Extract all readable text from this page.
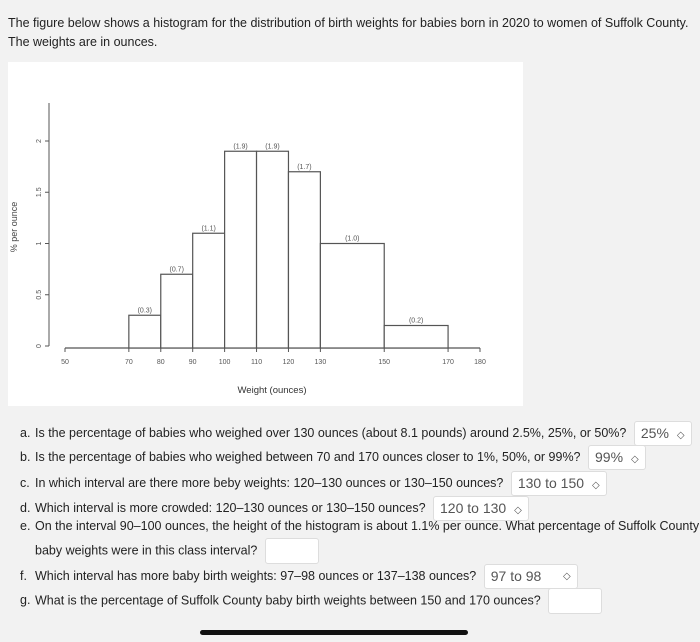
The figure below shows a histogram for the distribution of birth weights for babies born in 2020 to women of Suffolk County. The weights are in ounces.
% per ounce
Weight (ounces)
0
0.5
1
1.5
2
50	70	80	90	100	110	120	130	150	170	180
(0.3)
(0.7)
(1.1)
(1.9)	(1.9)
(1.7)
(1.0)
(0.2)
a. Is the percentage of babies who weighed over 130 ounces (about 8.1 pounds) around 2.5%, 25%, or 50%? 25% ◇
b. Is the percentage of babies who weighed between 70 and 170 ounces closer to 1%, 50%, or 99%? 99% ◇
c. In which interval are there more beby weights: 120–130 ounces or 130–150 ounces? 130 to 150 ◇
d. Which interval is more crowded: 120–130 ounces or 130–150 ounces? 120 to 130 ◇
e. On the interval 90–100 ounces, the height of the histogram is about 1.1% per ounce. What percentage of Suffolk County
baby weights were in this class interval?
f. Which interval has more baby birth weights: 97–98 ounces or 137–138 ounces? 97 to 98 ◇
g. What is the percentage of Suffolk County baby birth weights between 150 and 170 ounces?
